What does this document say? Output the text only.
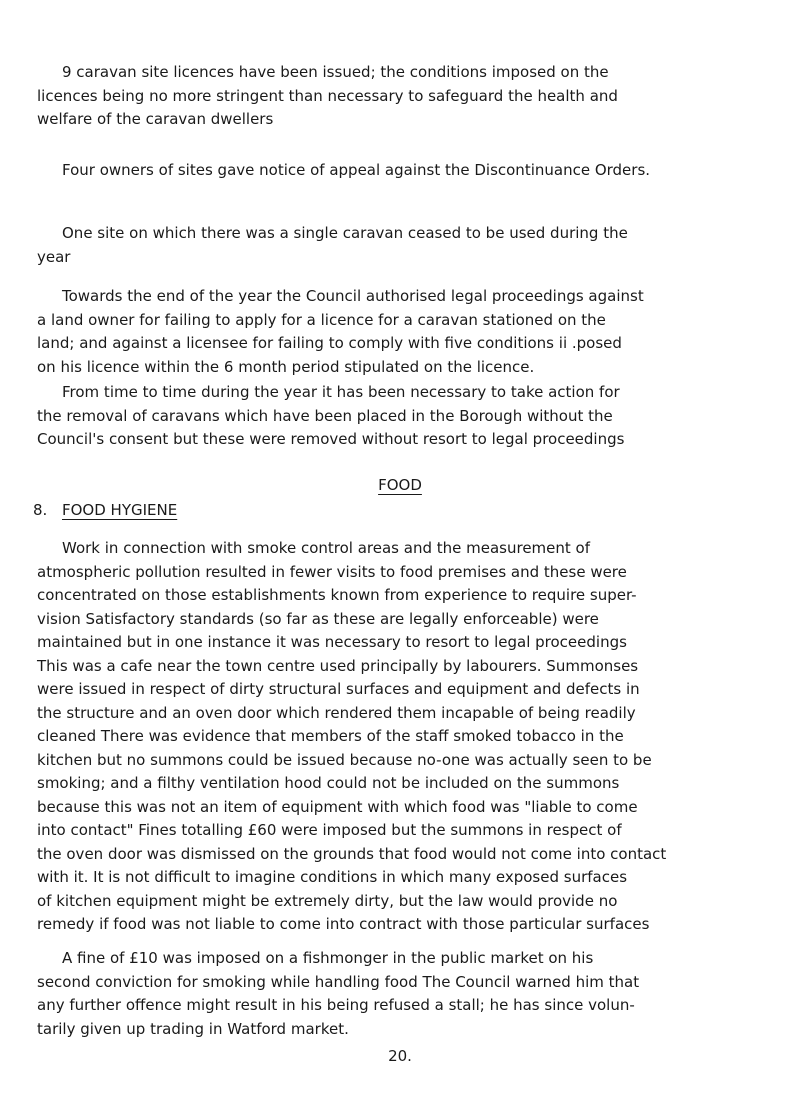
9 caravan site licences have been issued; the conditions imposed on the
licences being no more stringent than necessary to safeguard the health and
welfare of the caravan dwellers
Four owners of sites gave notice of appeal against the Discontinuance Orders.
One site on which there was a single caravan ceased to be used during the
year
Towards the end of the year the Council authorised legal proceedings against
a land owner for failing to apply for a licence for a caravan stationed on the
land; and against a licensee for failing to comply with five conditions ii .posed
on his licence within the 6 month period stipulated on the licence.
From time to time during the year it has been necessary to take action for
the removal of caravans which have been placed in the Borough without the
Council's consent but these were removed without resort to legal proceedings
FOOD
8. FOOD HYGIENE
Work in connection with smoke control areas and the measurement of
atmospheric pollution resulted in fewer visits to food premises and these were
concentrated on those establishments known from experience to require super-
vision Satisfactory standards (so far as these are legally enforceable) were
maintained but in one instance it was necessary to resort to legal proceedings
This was a cafe near the town centre used principally by labourers. Summonses
were issued in respect of dirty structural surfaces and equipment and defects in
the structure and an oven door which rendered them incapable of being readily
cleaned There was evidence that members of the staff smoked tobacco in the
kitchen but no summons could be issued because no-one was actually seen to be
smoking; and a filthy ventilation hood could not be included on the summons
because this was not an item of equipment with which food was "liable to come
into contact" Fines totalling £60 were imposed but the summons in respect of
the oven door was dismissed on the grounds that food would not come into contact
with it. It is not difficult to imagine conditions in which many exposed surfaces
of kitchen equipment might be extremely dirty, but the law would provide no
remedy if food was not liable to come into contract with those particular surfaces
A fine of £10 was imposed on a fishmonger in the public market on his
second conviction for smoking while handling food The Council warned him that
any further offence might result in his being refused a stall; he has since volun-
tarily given up trading in Watford market.
20.
